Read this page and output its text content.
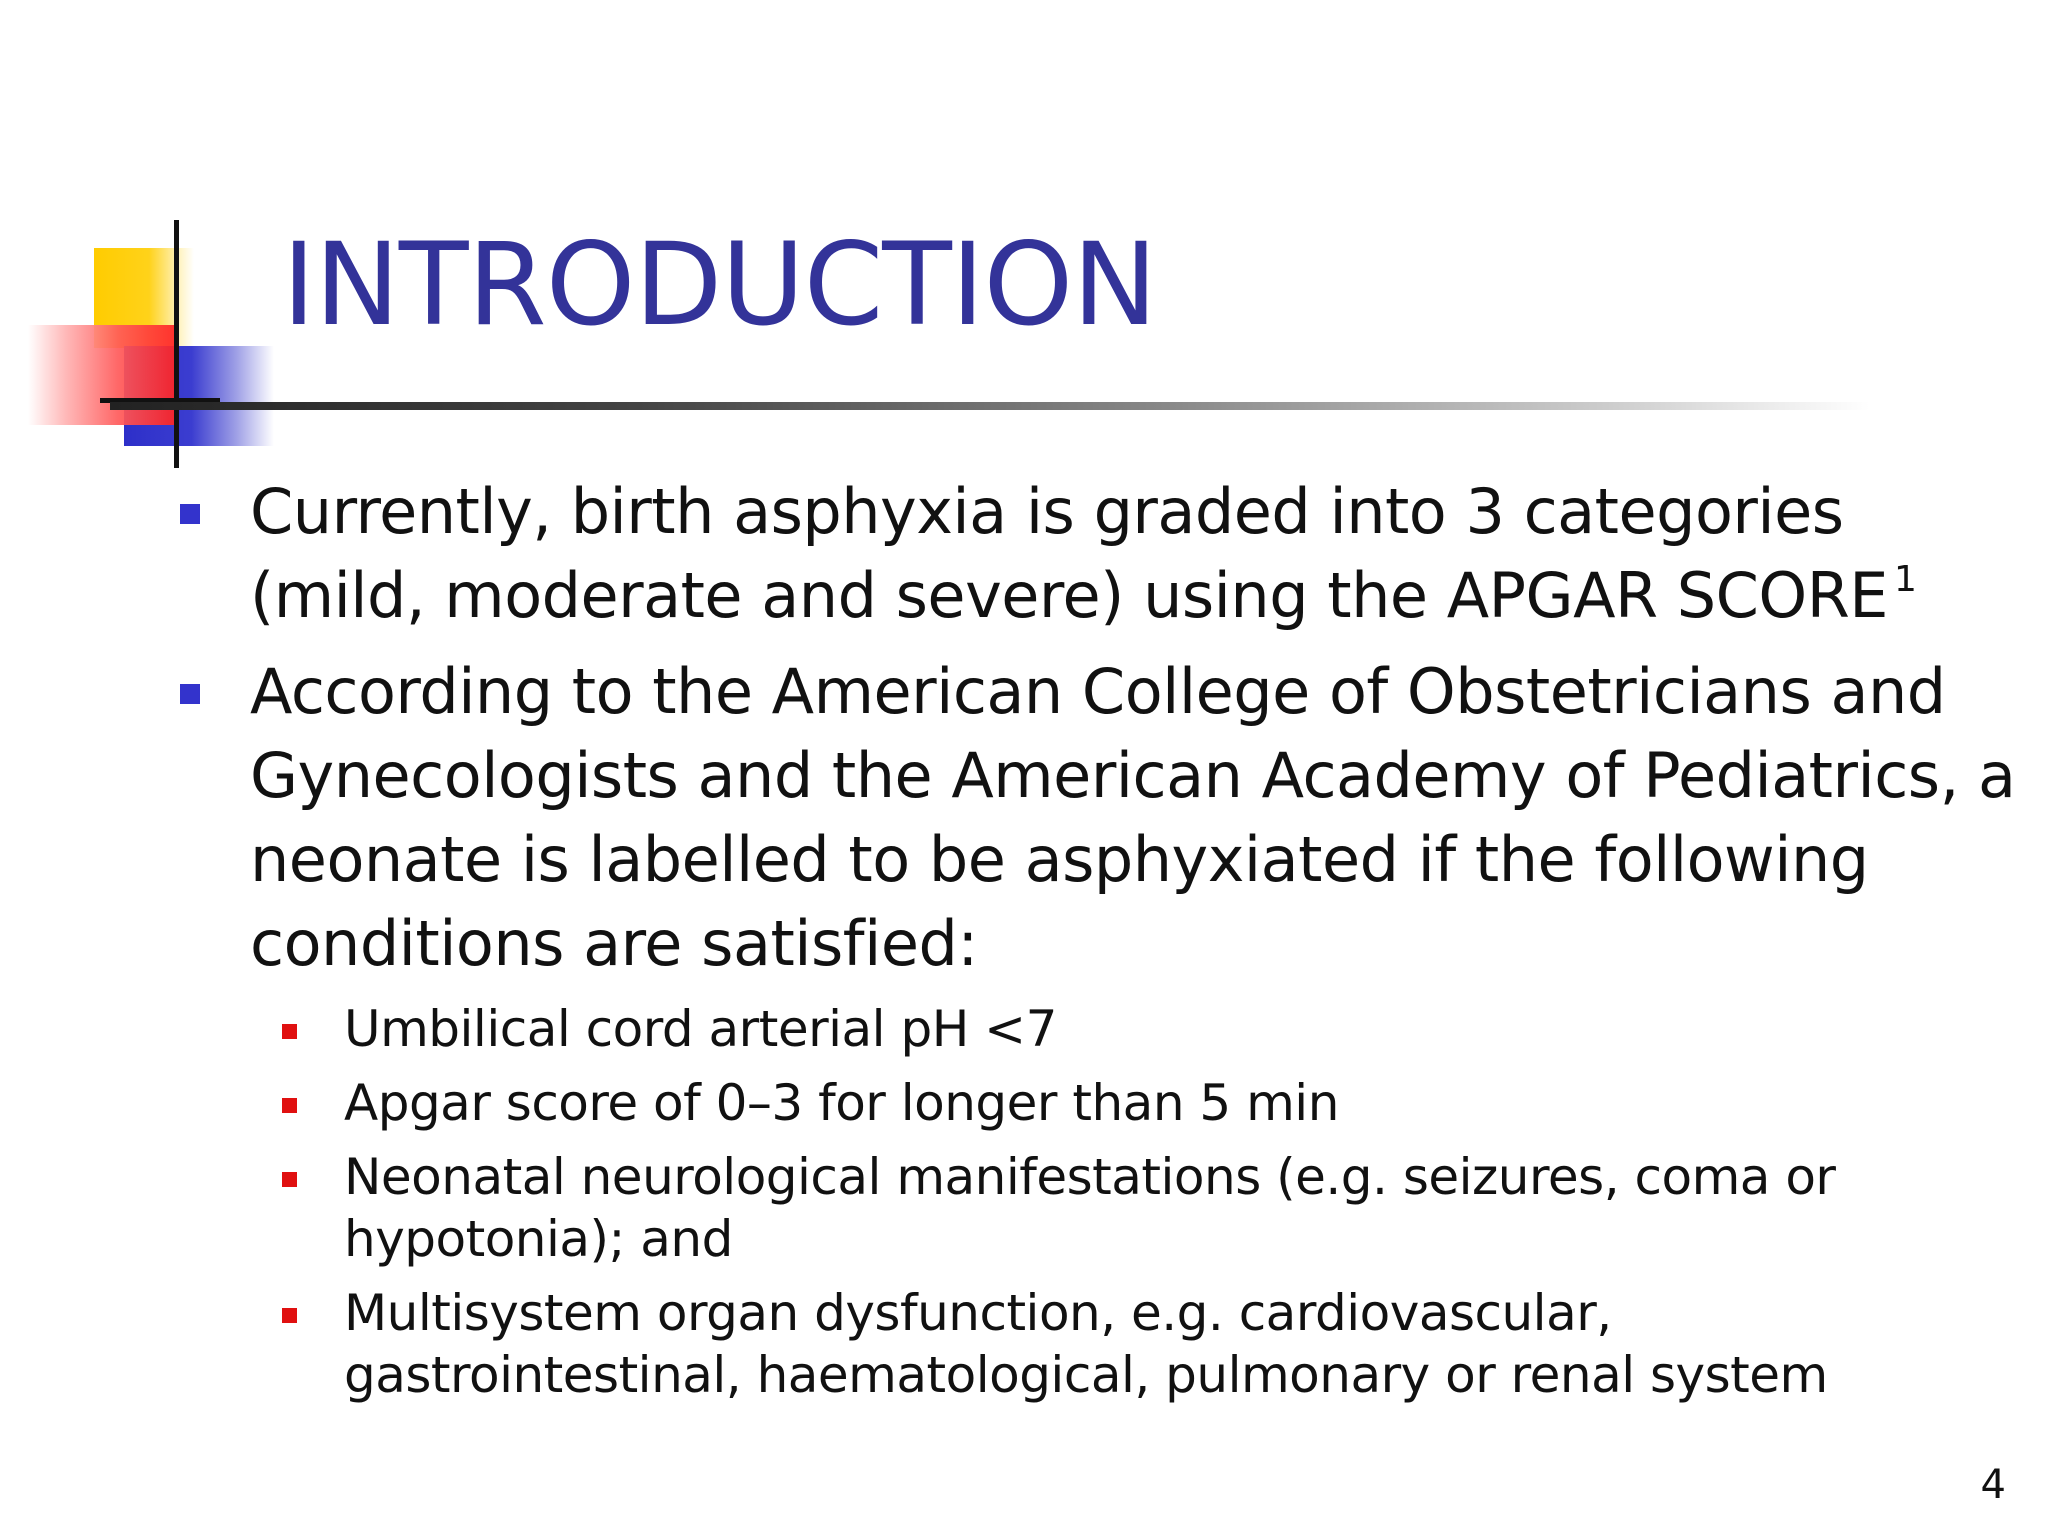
INTRODUCTION
Currently, birth asphyxia is graded into 3 categories (mild, moderate and severe) using the APGAR SCORE $^1$
According to the American College of Obstetricians and Gynecologists and the American Academy of Pediatrics, a neonate is labelled to be asphyxiated if the following conditions are satisfied:
Umbilical cord arterial pH <7
Apgar score of 0–3 for longer than 5 min
Neonatal neurological manifestations (e.g. seizures, coma or hypotonia); and
Multisystem organ dysfunction, e.g. cardiovascular, gastrointestinal, haematological, pulmonary or renal system
4
